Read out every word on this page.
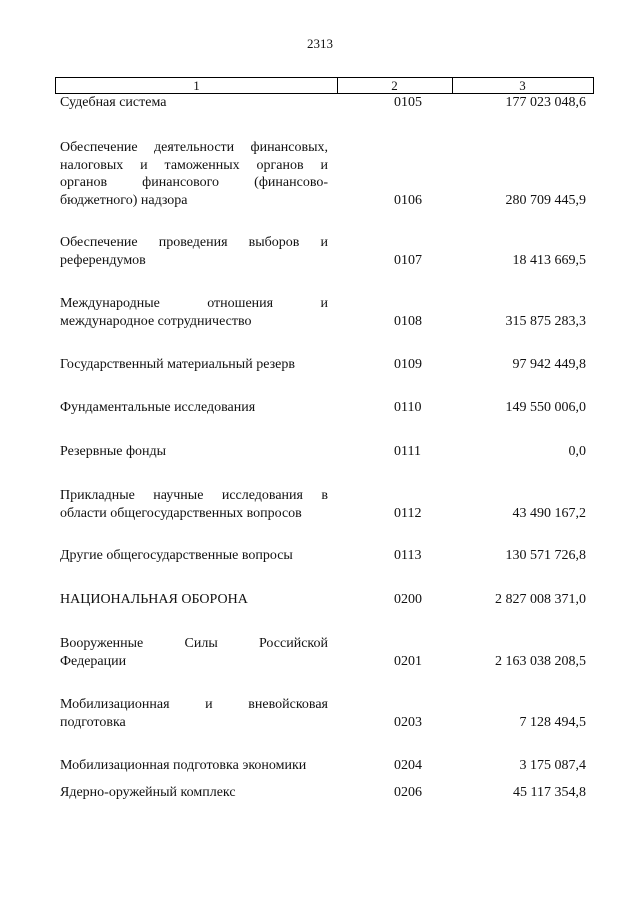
2313
1	2	3
Судебная система	0105	177 023 048,6
Обеспечение деятельности финансовых,
налоговых и таможенных органов и
органов финансового (финансово-
бюджетного) надзора	0106	280 709 445,9
Обеспечение проведения выборов и
референдумов	0107	18 413 669,5
Международные отношения и
международное сотрудничество	0108	315 875 283,3
Государственный материальный резерв	0109	97 942 449,8
Фундаментальные исследования	0110	149 550 006,0
Резервные фонды	0111	0,0
Прикладные научные исследования в
области общегосударственных вопросов	0112	43 490 167,2
Другие общегосударственные вопросы	0113	130 571 726,8
НАЦИОНАЛЬНАЯ ОБОРОНА	0200	2 827 008 371,0
Вооруженные Силы Российской
Федерации	0201	2 163 038 208,5
Мобилизационная и вневойсковая
подготовка	0203	7 128 494,5
Мобилизационная подготовка экономики	0204	3 175 087,4
Ядерно-оружейный комплекс	0206	45 117 354,8
